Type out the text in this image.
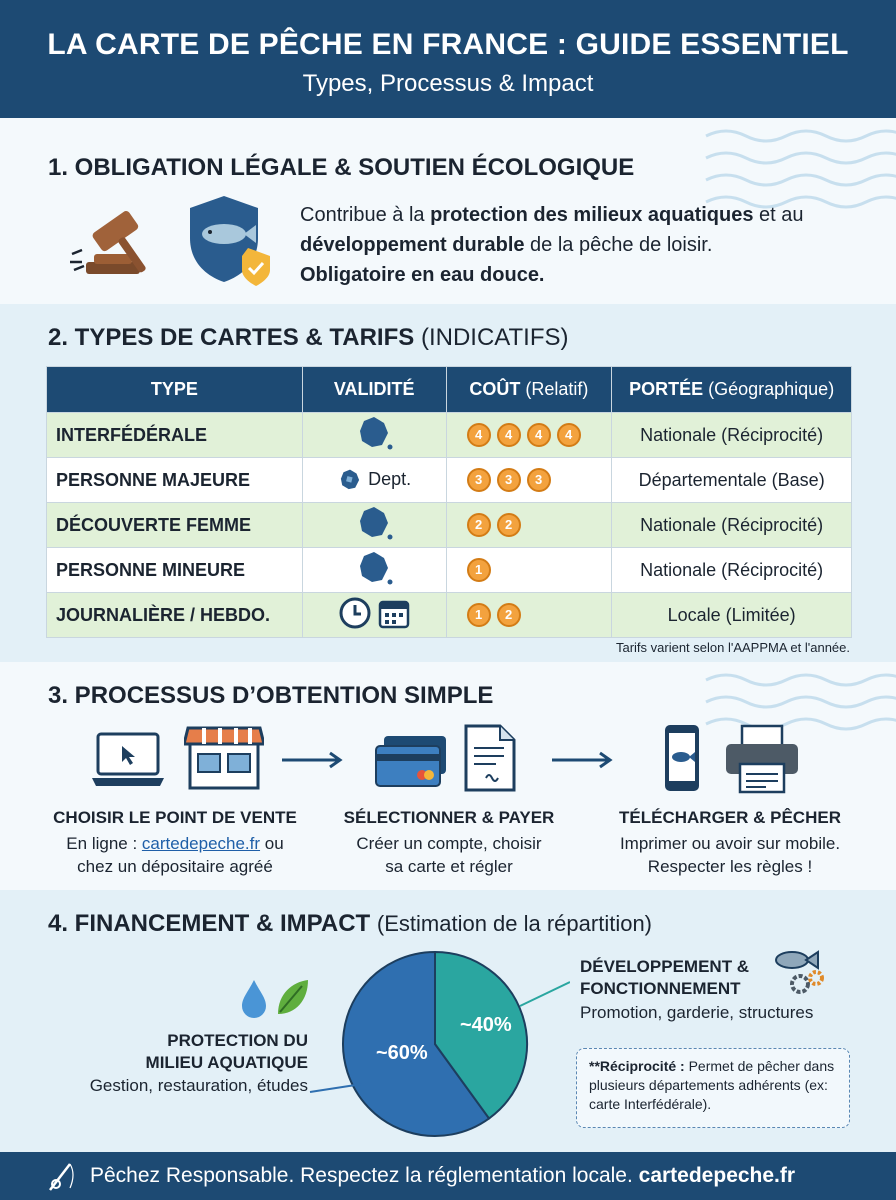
LA CARTE DE PÊCHE EN FRANCE : GUIDE ESSENTIEL
Types, Processus & Impact
1. OBLIGATION LÉGALE & SOUTIEN ÉCOLOGIQUE
Contribue à la protection des milieux aquatiques et au développement durable de la pêche de loisir.
Obligatoire en eau douce.
2. TYPES DE CARTES & TARIFS (INDICATIFS)
TYPE	VALIDITÉ	COÛT (Relatif)	PORTÉE (Géographique)
INTERFÉDÉRALE		4 4 4 4	Nationale (Réciprocité)
PERSONNE MAJEURE	Dept.	3 3 3	Départementale (Base)
DÉCOUVERTE FEMME		2 2	Nationale (Réciprocité)
PERSONNE MINEURE		1	Nationale (Réciprocité)
JOURNALIÈRE / HEBDO.		1 2	Locale (Limitée)
Tarifs varient selon l'AAPPMA et l'année.
3. PROCESSUS D’OBTENTION SIMPLE
CHOISIR LE POINT DE VENTE
En ligne : cartedepeche.fr ou
chez un dépositaire agréé
SÉLECTIONNER & PAYER
Créer un compte, choisir
sa carte et régler
TÉLÉCHARGER & PÊCHER
Imprimer ou avoir sur mobile.
Respecter les règles !
4. FINANCEMENT & IMPACT (Estimation de la répartition)
PROTECTION DU
MILIEU AQUATIQUE
Gestion, restauration, études
~60%
~40%
DÉVELOPPEMENT &
FONCTIONNEMENT
Promotion, garderie, structures
**Réciprocité : Permet de pêcher dans plusieurs départements adhérents (ex: carte Interfédérale).
Pêchez Responsable. Respectez la réglementation locale. cartedepeche.fr
